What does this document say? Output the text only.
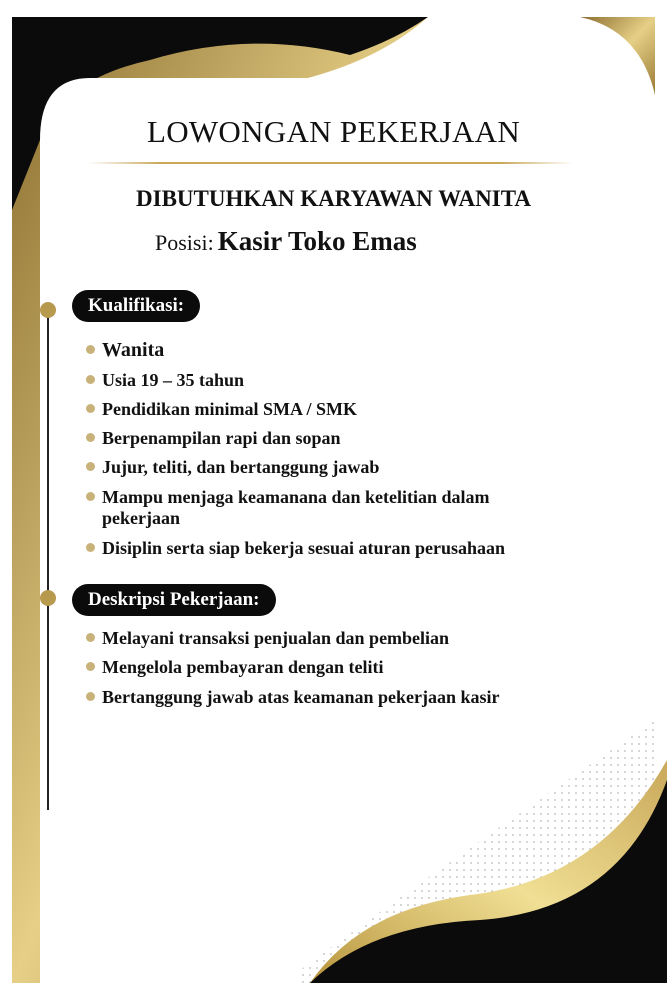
LOWONGAN PEKERJAAN
DIBUTUHKAN KARYAWAN WANITA
Posisi: Kasir Toko Emas
Kualifikasi:
Wanita
Usia 19 – 35 tahun
Pendidikan minimal SMA / SMK
Berpenampilan rapi dan sopan
Jujur, teliti, dan bertanggung jawab
Mampu menjaga keamanana dan ketelitian dalam pekerjaan
Disiplin serta siap bekerja sesuai aturan perusahaan
Deskripsi Pekerjaan:
Melayani transaksi penjualan dan pembelian
Mengelola pembayaran dengan teliti
Bertanggung jawab atas keamanan pekerjaan kasir
